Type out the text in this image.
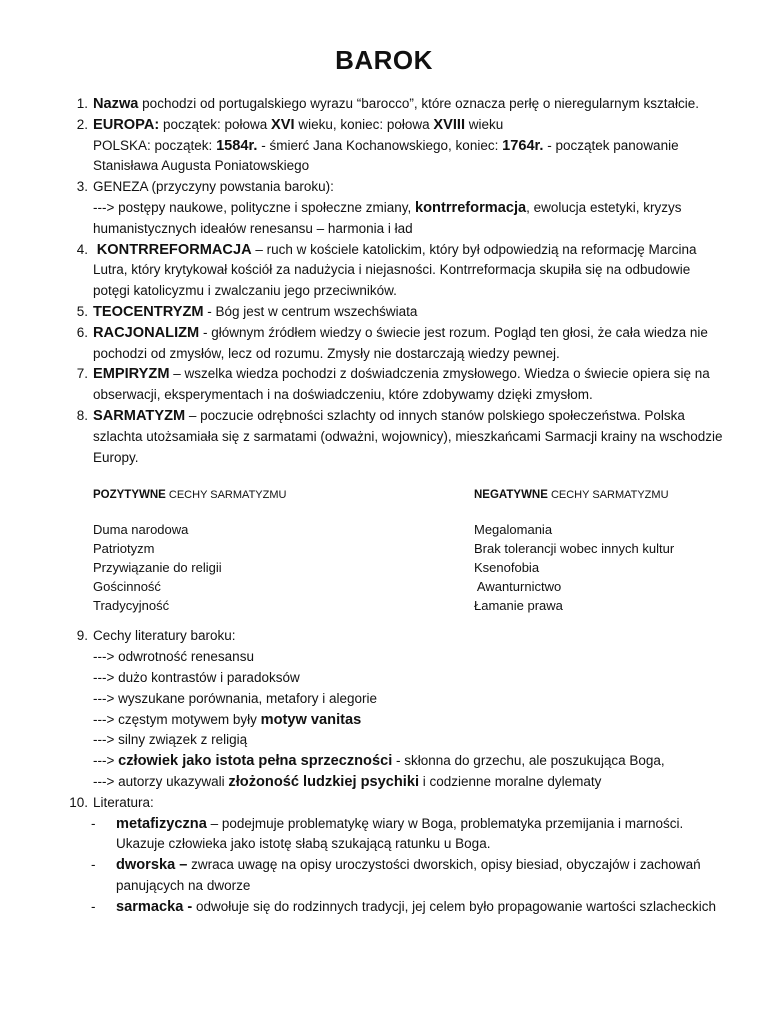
BAROK
1. Nazwa pochodzi od portugalskiego wyrazu “barocco”, które oznacza perłę o nieregularnym kształcie.

2. EUROPA: początek: połowa XVI wieku, koniec: połowa XVIII wieku

POLSKA: początek: 1584r. - śmierć Jana Kochanowskiego, koniec: 1764r. - początek panowanie Stanisława Augusta Poniatowskiego

3. GENEZA (przyczyny powstania baroku):

---> postępy naukowe, polityczne i społeczne zmiany, kontrreformacja, ewolucja estetyki, kryzys humanistycznych ideałów renesansu – harmonia i ład

4. KONTRREFORMACJA – ruch w kościele katolickim, który był odpowiedzią na reformację Marcina Lutra, który krytykował kościół za nadużycia i niejasności. Kontrreformacja skupiła się na odbudowie potęgi katolicyzmu i zwalczaniu jego przeciwników.

5. TEOCENTRYZM - Bóg jest w centrum wszechświata

6. RACJONALIZM - głównym źródłem wiedzy o świecie jest rozum. Pogląd ten głosi, że cała wiedza nie pochodzi od zmysłów, lecz od rozumu. Zmysły nie dostarczają wiedzy pewnej.

7. EMPIRYZM – wszelka wiedza pochodzi z doświadczenia zmysłowego. Wiedza o świecie opiera się na obserwacji, eksperymentach i na doświadczeniu, które zdobywamy dzięki zmysłom.

8. SARMATYZM – poczucie odrębności szlachty od innych stanów polskiego społeczeństwa. Polska szlachta utożsamiała się z sarmatami (odważni, wojownicy), mieszkańcami Sarmacji krainy na wschodzie Europy.

POZYTYWNE CECHY SARMATYZMU
Duma narodowa
Patriotyzm
Przywiązanie do religii
Gościnność
Tradycyjność
NEGATYWNE CECHY SARMATYZMU
Megalomania
Brak tolerancji wobec innych kultur
Ksenofobia
Awanturnictwo
Łamanie prawa
9. Cechy literatury baroku:

---> odwrotność renesansu

---> dużo kontrastów i paradoksów

---> wyszukane porównania, metafory i alegorie

---> częstym motywem były motyw vanitas

---> silny związek z religią

---> człowiek jako istota pełna sprzeczności - skłonna do grzechu, ale poszukująca Boga,

---> autorzy ukazywali złożoność ludzkiej psychiki i codzienne moralne dylematy

10. Literatura:

- metafizyczna – podejmuje problematykę wiary w Boga, problematyka przemijania i marności. Ukazuje człowieka jako istotę słabą szukającą ratunku u Boga.

- dworska – zwraca uwagę na opisy uroczystości dworskich, opisy biesiad, obyczajów i zachowań panujących na dworze

- sarmacka - odwołuje się do rodzinnych tradycji, jej celem było propagowanie wartości szlacheckich
